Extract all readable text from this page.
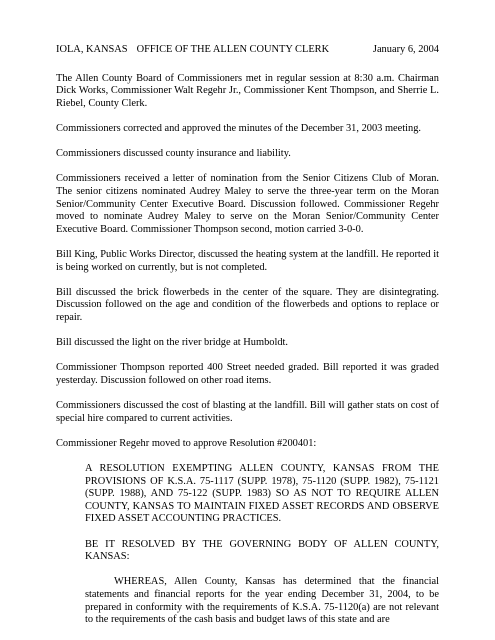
IOLA, KANSAS OFFICE OF THE ALLEN COUNTY CLERK	January 6, 2004

The Allen County Board of Commissioners met in regular session at 8:30 a.m. Chairman Dick Works, Commissioner Walt Regehr Jr., Commissioner Kent Thompson, and Sherrie L. Riebel, County Clerk.

Commissioners corrected and approved the minutes of the December 31, 2003 meeting.

Commissioners discussed county insurance and liability.

Commissioners received a letter of nomination from the Senior Citizens Club of Moran. The senior citizens nominated Audrey Maley to serve the three-year term on the Moran Senior/Community Center Executive Board. Discussion followed. Commissioner Regehr moved to nominate Audrey Maley to serve on the Moran Senior/Community Center Executive Board. Commissioner Thompson second, motion carried 3-0-0.

Bill King, Public Works Director, discussed the heating system at the landfill. He reported it is being worked on currently, but is not completed.

Bill discussed the brick flowerbeds in the center of the square. They are disintegrating. Discussion followed on the age and condition of the flowerbeds and options to replace or repair.

Bill discussed the light on the river bridge at Humboldt.

Commissioner Thompson reported 400 Street needed graded. Bill reported it was graded yesterday. Discussion followed on other road items.

Commissioners discussed the cost of blasting at the landfill. Bill will gather stats on cost of special hire compared to current activities.

Commissioner Regehr moved to approve Resolution #200401:

A RESOLUTION EXEMPTING ALLEN COUNTY, KANSAS FROM THE PROVISIONS OF K.S.A. 75-1117 (SUPP. 1978), 75-1120 (SUPP. 1982), 75-1121 (SUPP. 1988), AND 75-122 (SUPP. 1983) SO AS NOT TO REQUIRE ALLEN COUNTY, KANSAS TO MAINTAIN FIXED ASSET RECORDS AND OBSERVE FIXED ASSET ACCOUNTING PRACTICES.

BE IT RESOLVED BY THE GOVERNING BODY OF ALLEN COUNTY, KANSAS:

WHEREAS, Allen County, Kansas has determined that the financial statements and financial reports for the year ending December 31, 2004, to be prepared in conformity with the requirements of K.S.A. 75-1120(a) are not relevant to the requirements of the cash basis and budget laws of this state and are
